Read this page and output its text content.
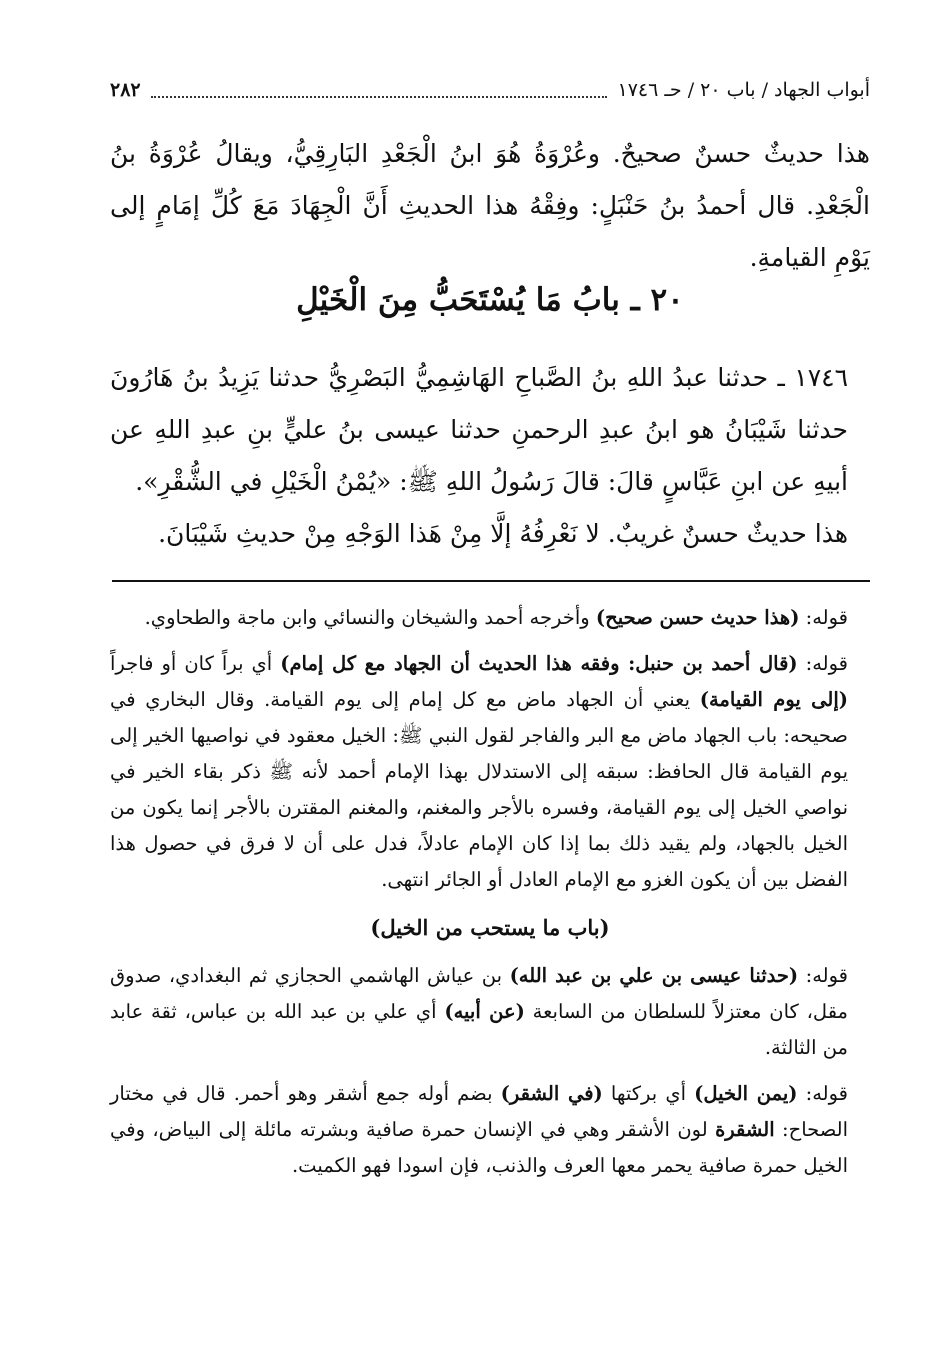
٢٨٢	أبواب الجهاد / باب ٢٠ / حـ ١٧٤٦
هذا حديثٌ حسنٌ صحيحٌ. وعُرْوَةُ هُوَ ابنُ الْجَعْدِ البَارِقِيُّ، ويقالُ عُرْوَةُ بنُ الْجَعْدِ. قال أحمدُ بنُ حَنْبَلٍ: وفِقْهُ هذا الحديثِ أَنَّ الْجِهَادَ مَعَ كُلِّ إمَامٍ إلى يَوْمِ القيامةِ.
٢٠ ـ بابُ مَا يُسْتَحَبُّ مِنَ الْخَيْلِ

١٧٤٦ ـ حدثنا عبدُ اللهِ بنُ الصَّباحِ الهَاشِمِيُّ البَصْرِيُّ حدثنا يَزِيدُ بنُ هَارُونَ حدثنا شَيْبَانُ هو ابنُ عبدِ الرحمنِ حدثنا عيسى بنُ عليٍّ بنِ عبدِ اللهِ عن أبيهِ عن ابنِ عَبَّاسٍ قالَ: قالَ رَسُولُ اللهِ ﷺ: «يُمْنُ الْخَيْلِ في الشُّقْرِ».

هذا حديثٌ حسنٌ غريبٌ. لا نَعْرِفُهُ إلَّا مِنْ هَذا الوَجْهِ مِنْ حديثِ شَيْبَانَ.

قوله: (هذا حديث حسن صحيح) وأخرجه أحمد والشيخان والنسائي وابن ماجة والطحاوي.

قوله: (قال أحمد بن حنبل: وفقه هذا الحديث أن الجهاد مع كل إمام) أي براً كان أو فاجراً (إلى يوم القيامة) يعني أن الجهاد ماض مع كل إمام إلى يوم القيامة. وقال البخاري في صحيحه: باب الجهاد ماض مع البر والفاجر لقول النبي ﷺ: الخيل معقود في نواصيها الخير إلى يوم القيامة قال الحافظ: سبقه إلى الاستدلال بهذا الإمام أحمد لأنه ﷺ ذكر بقاء الخير في نواصي الخيل إلى يوم القيامة، وفسره بالأجر والمغنم، والمغنم المقترن بالأجر إنما يكون من الخيل بالجهاد، ولم يقيد ذلك بما إذا كان الإمام عادلاً، فدل على أن لا فرق في حصول هذا الفضل بين أن يكون الغزو مع الإمام العادل أو الجائر انتهى.

(باب ما يستحب من الخيل)

قوله: (حدثنا عيسى بن علي بن عبد الله) بن عياش الهاشمي الحجازي ثم البغدادي، صدوق مقل، كان معتزلاً للسلطان من السابعة (عن أبيه) أي علي بن عبد الله بن عباس، ثقة عابد من الثالثة.

قوله: (يمن الخيل) أي بركتها (في الشقر) بضم أوله جمع أشقر وهو أحمر. قال في مختار الصحاح: الشقرة لون الأشقر وهي في الإنسان حمرة صافية وبشرته مائلة إلى البياض، وفي الخيل حمرة صافية يحمر معها العرف والذنب، فإن اسودا فهو الكميت.
